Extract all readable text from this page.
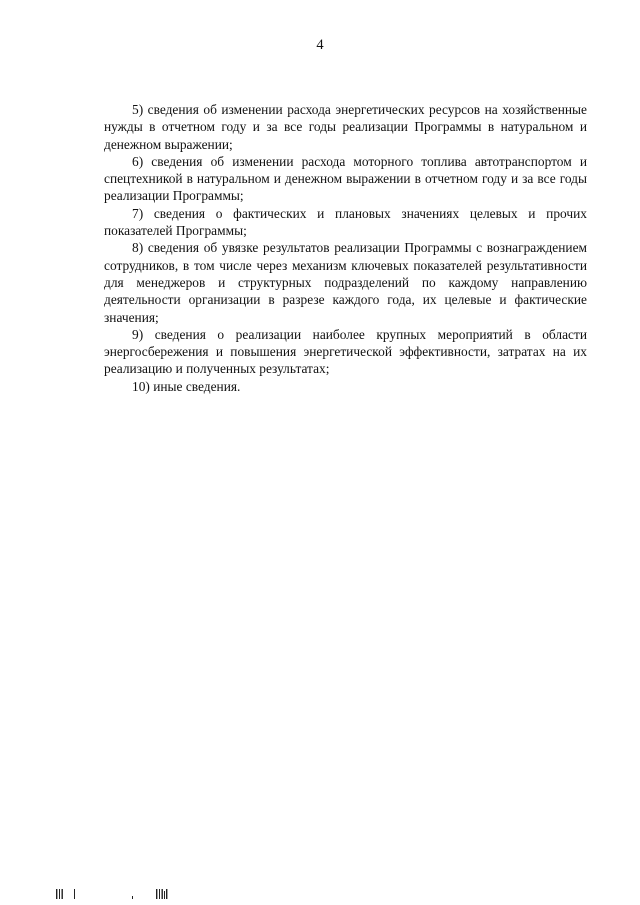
4

5) сведения об изменении расхода энергетических ресурсов на хозяйственные нужды в отчетном году и за все годы реализации Программы в натуральном и денежном выражении;

6) сведения об изменении расхода моторного топлива автотранспортом и спецтехникой в натуральном и денежном выражении в отчетном году и за все годы реализации Программы;

7) сведения о фактических и плановых значениях целевых и прочих показателей Программы;

8) сведения об увязке результатов реализации Программы с вознаграждением сотрудников, в том числе через механизм ключевых показателей результативности для менеджеров и структурных подразделений по каждому направлению деятельности организации в разрезе каждого года, их целевые и фактические значения;

9) сведения о реализации наиболее крупных мероприятий в области энергосбережения и повышения энергетической эффективности, затратах на их реализацию и полученных результатах;

10) иные сведения.
